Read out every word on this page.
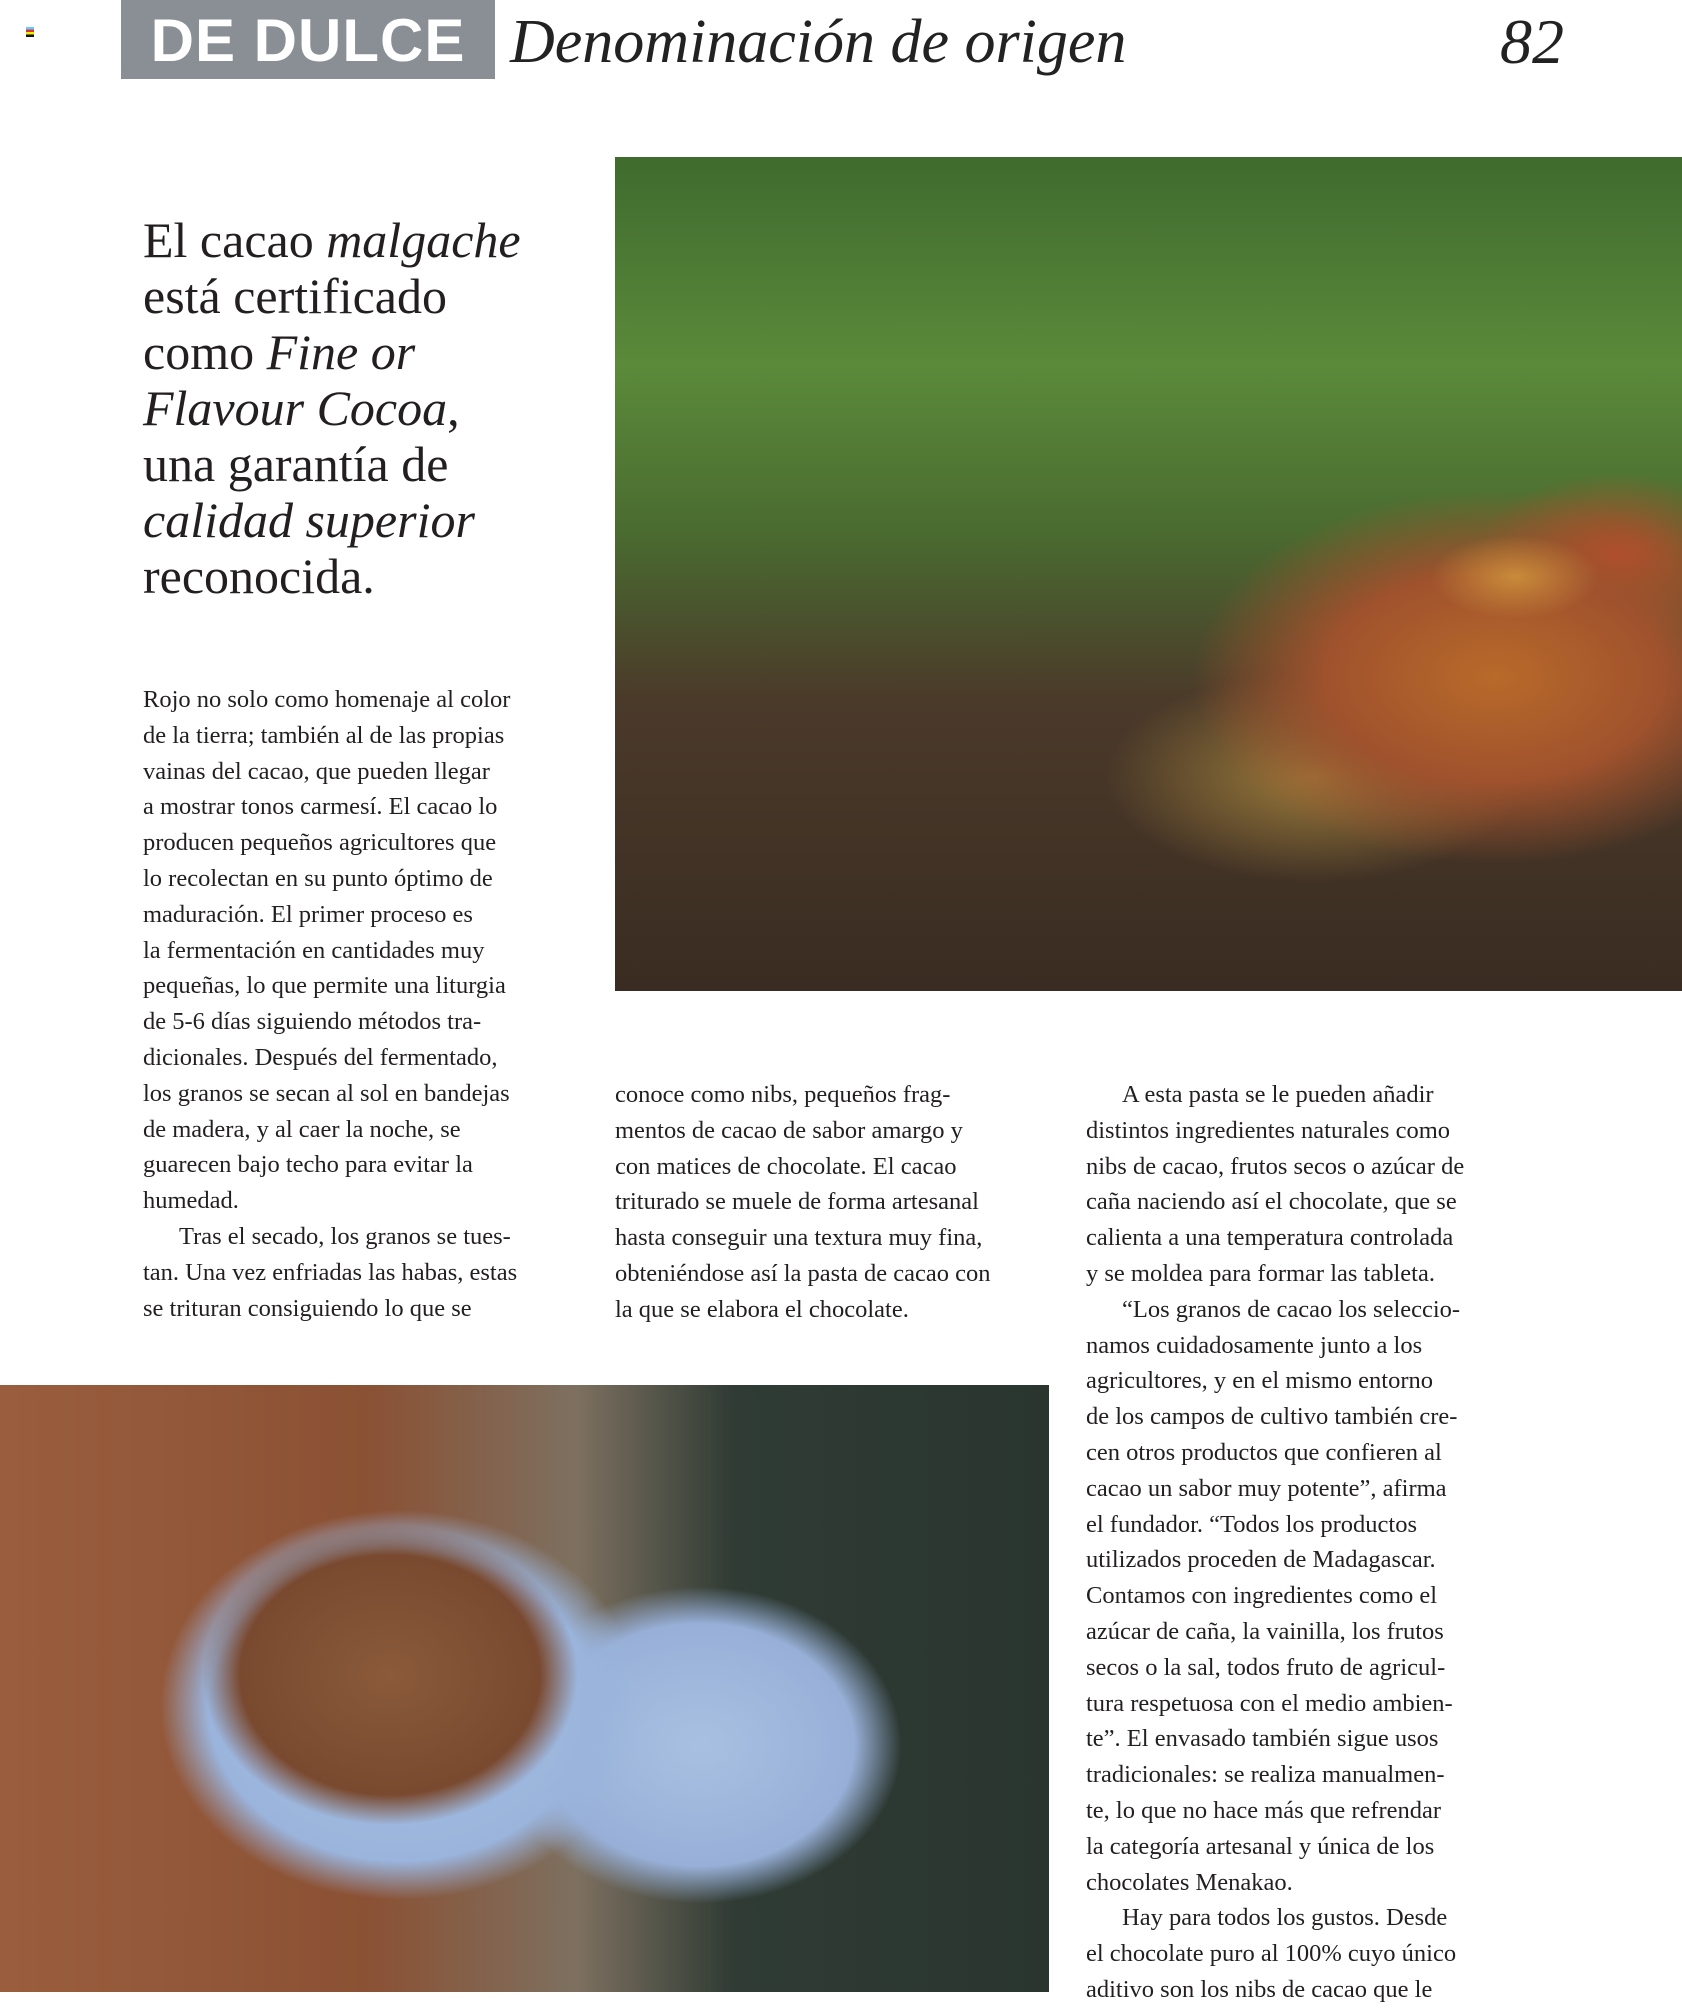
DE DULCE Denominación de origen	82
El cacao malgache
está certificado
como Fine or
Flavour Cocoa,
una garantía de
calidad superior
reconocida.
Rojo no solo como homenaje al color
de la tierra; también al de las propias
vainas del cacao, que pueden llegar
a mostrar tonos carmesí. El cacao lo
producen pequeños agricultores que
lo recolectan en su punto óptimo de
maduración. El primer proceso es
la fermentación en cantidades muy
pequeñas, lo que permite una liturgia
de 5-6 días siguiendo métodos tra-
dicionales. Después del fermentado,
los granos se secan al sol en bandejas
de madera, y al caer la noche, se
guarecen bajo techo para evitar la
humedad.
Tras el secado, los granos se tues-
tan. Una vez enfriadas las habas, estas
se trituran consiguiendo lo que se
conoce como nibs, pequeños frag-
mentos de cacao de sabor amargo y
con matices de chocolate. El cacao
triturado se muele de forma artesanal
hasta conseguir una textura muy fina,
obteniéndose así la pasta de cacao con
la que se elabora el chocolate.
A esta pasta se le pueden añadir
distintos ingredientes naturales como
nibs de cacao, frutos secos o azúcar de
caña naciendo así el chocolate, que se
calienta a una temperatura controlada
y se moldea para formar las tableta.
“Los granos de cacao los seleccio-
namos cuidadosamente junto a los
agricultores, y en el mismo entorno
de los campos de cultivo también cre-
cen otros productos que confieren al
cacao un sabor muy potente”, afirma
el fundador. “Todos los productos
utilizados proceden de Madagascar.
Contamos con ingredientes como el
azúcar de caña, la vainilla, los frutos
secos o la sal, todos fruto de agricul-
tura respetuosa con el medio ambien-
te”. El envasado también sigue usos
tradicionales: se realiza manualmen-
te, lo que no hace más que refrendar
la categoría artesanal y única de los
chocolates Menakao.
Hay para todos los gustos. Desde
el chocolate puro al 100% cuyo único
aditivo son los nibs de cacao que le
